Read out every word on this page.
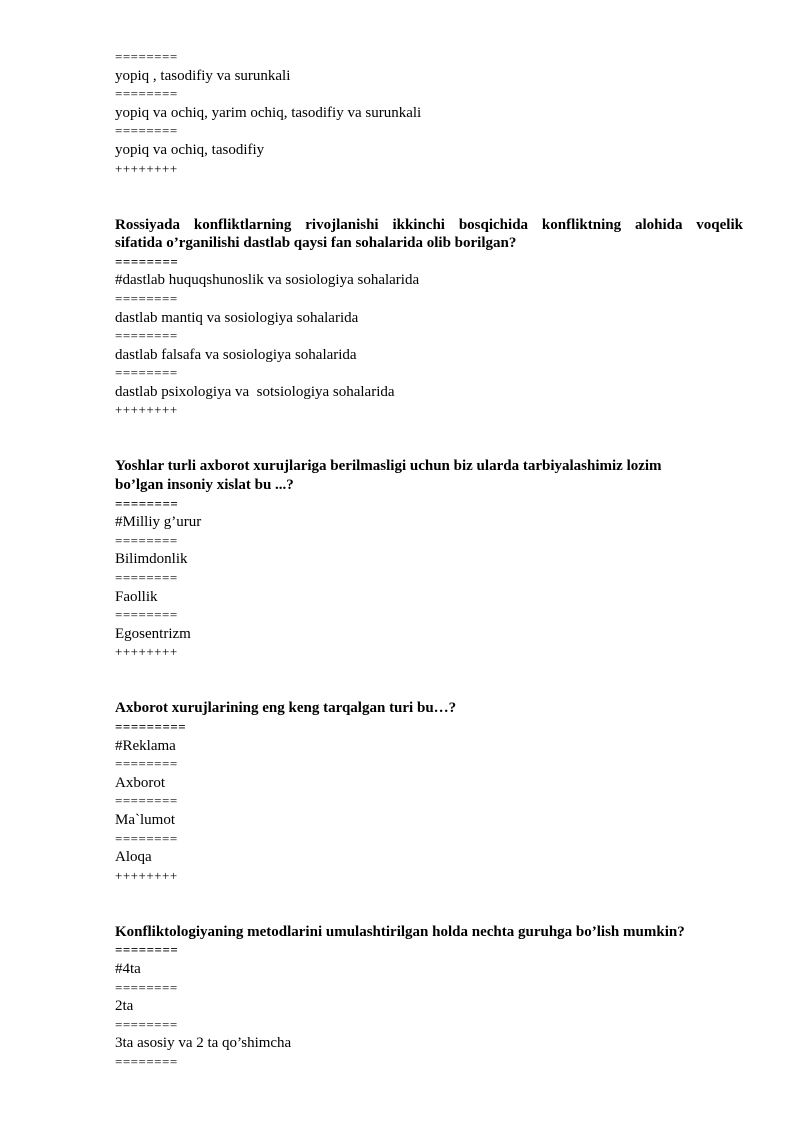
========
yopiq , tasodifiy va surunkali
========
yopiq va ochiq, yarim ochiq, tasodifiy va surunkali
========
yopiq va ochiq, tasodifiy
++++++++
Rossiyada konfliktlarning rivojlanishi ikkinchi bosqichida konfliktning alohida voqelik
sifatida o’rganilishi dastlab qaysi fan sohalarida olib borilgan?
========
#dastlab huquqshunoslik va sosiologiya sohalarida
========
dastlab mantiq va sosiologiya sohalarida
========
dastlab falsafa va sosiologiya sohalarida
========
dastlab psixologiya va  sotsiologiya sohalarida
++++++++
Yoshlar turli axborot xurujlariga berilmasligi uchun biz ularda tarbiyalashimiz lozim
bo’lgan insoniy xislat bu ...?
========
#Milliy g’urur
========
Bilimdonlik
========
Faollik
========
Egosentrizm
++++++++
Axborot xurujlarining eng keng tarqalgan turi bu…?
=========
#Reklama
========
Axborot
========
Ma`lumot
========
Aloqa
++++++++
Konfliktologiyaning metodlarini umulashtirilgan holda nechta guruhga bo’lish mumkin?
========
#4ta
========
2ta
========
3ta asosiy va 2 ta qo’shimcha
========
